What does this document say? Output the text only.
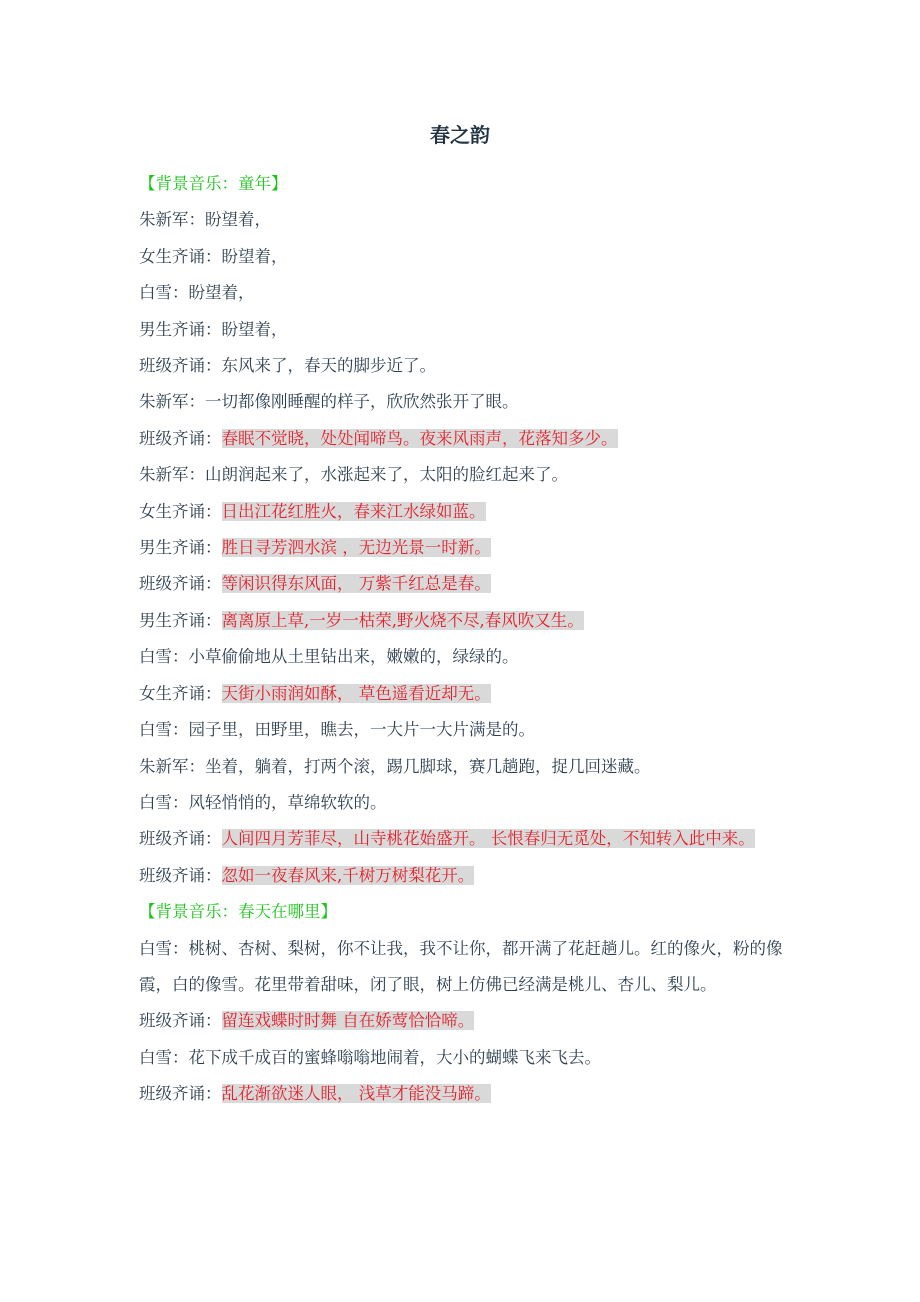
春之韵
【背景音乐：童年】
朱新军：盼望着，
女生齐诵：盼望着，
白雪：盼望着，
男生齐诵：盼望着，
班级齐诵：东风来了，春天的脚步近了。
朱新军：一切都像刚睡醒的样子，欣欣然张开了眼。
班级齐诵：春眠不觉晓，处处闻啼鸟。夜来风雨声，花落知多少。
朱新军：山朗润起来了，水涨起来了，太阳的脸红起来了。
女生齐诵：日出江花红胜火，春来江水绿如蓝。
男生齐诵：胜日寻芳泗水滨 ，无边光景一时新。
班级齐诵：等闲识得东风面， 万紫千红总是春。
男生齐诵：离离原上草,一岁一枯荣,野火烧不尽,春风吹又生。
白雪：小草偷偷地从土里钻出来，嫩嫩的，绿绿的。
女生齐诵：天街小雨润如酥， 草色遥看近却无。
白雪：园子里，田野里，瞧去，一大片一大片满是的。
朱新军：坐着，躺着，打两个滚，踢几脚球，赛几趟跑，捉几回迷藏。
白雪：风轻悄悄的，草绵软软的。
班级齐诵：人间四月芳菲尽，山寺桃花始盛开。 长恨春归无觅处，不知转入此中来。
班级齐诵：忽如一夜春风来,千树万树梨花开。
【背景音乐：春天在哪里】
白雪：桃树、杏树、梨树，你不让我，我不让你，都开满了花赶趟儿。红的像火，粉的像霞，白的像雪。花里带着甜味，闭了眼，树上仿佛已经满是桃儿、杏儿、梨儿。
班级齐诵：留连戏蝶时时舞 自在娇莺恰恰啼。
白雪：花下成千成百的蜜蜂嗡嗡地闹着，大小的蝴蝶飞来飞去。
班级齐诵：乱花渐欲迷人眼， 浅草才能没马蹄。
